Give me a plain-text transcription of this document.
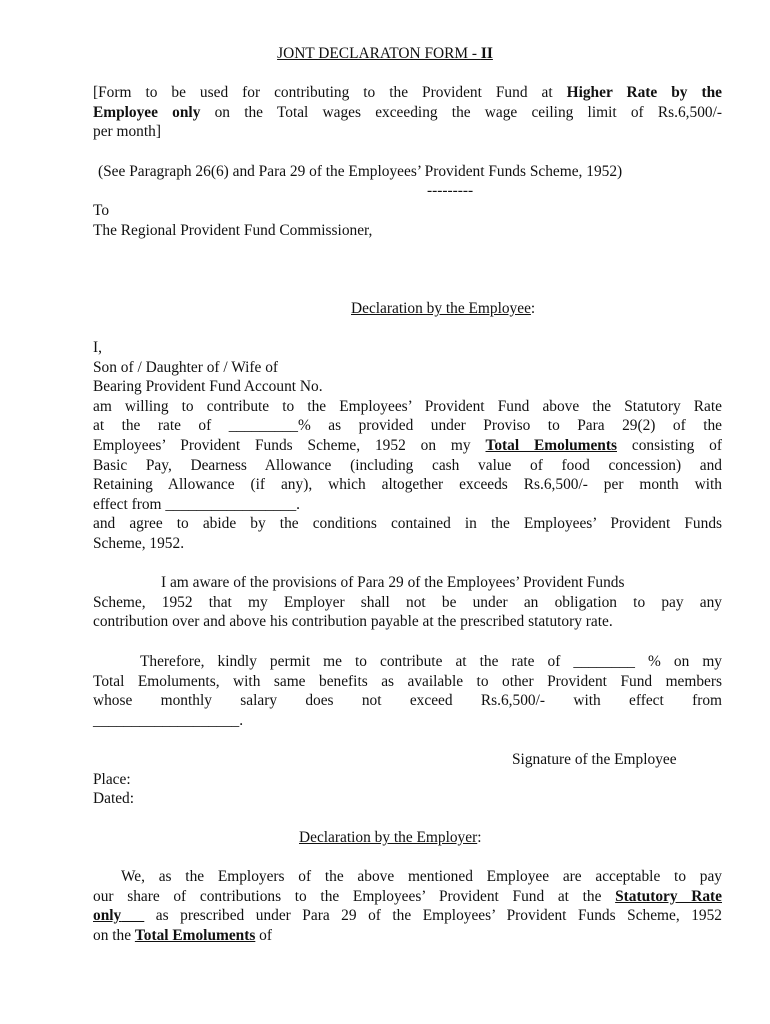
JONT DECLARATON FORM - II
[Form to be used for contributing to the Provident Fund at Higher Rate by the
Employee only on the Total wages exceeding the wage ceiling limit of Rs.6,500/-
per month]
(See Paragraph 26(6) and Para 29 of the Employees’ Provident Funds Scheme, 1952)
---------
To
The Regional Provident Fund Commissioner,
Declaration by the Employee:
I,
Son of / Daughter of / Wife of
Bearing Provident Fund Account No.
am willing to contribute to the Employees’ Provident Fund above the Statutory Rate
at the rate of _________% as provided under Proviso to Para 29(2) of the
Employees’ Provident Funds Scheme, 1952 on my Total Emoluments consisting of
Basic Pay, Dearness Allowance (including cash value of food concession) and
Retaining Allowance (if any), which altogether exceeds Rs.6,500/- per month with
effect from _________________.
and agree to abide by the conditions contained in the Employees’ Provident Funds
Scheme, 1952.
I am aware of the provisions of Para 29 of the Employees’ Provident Funds
Scheme, 1952 that my Employer shall not be under an obligation to pay any
contribution over and above his contribution payable at the prescribed statutory rate.
Therefore, kindly permit me to contribute at the rate of ________ % on my
Total Emoluments, with same benefits as available to other Provident Fund members
whose monthly salary does not exceed Rs.6,500/- with effect from
___________________.
Signature of the Employee
Place:
Dated:
Declaration by the Employer:
We, as the Employers of the above mentioned Employee are acceptable to pay
our share of contributions to the Employees’ Provident Fund at the Statutory Rate
only   as prescribed under Para 29 of the Employees’ Provident Funds Scheme, 1952
on the Total Emoluments of
